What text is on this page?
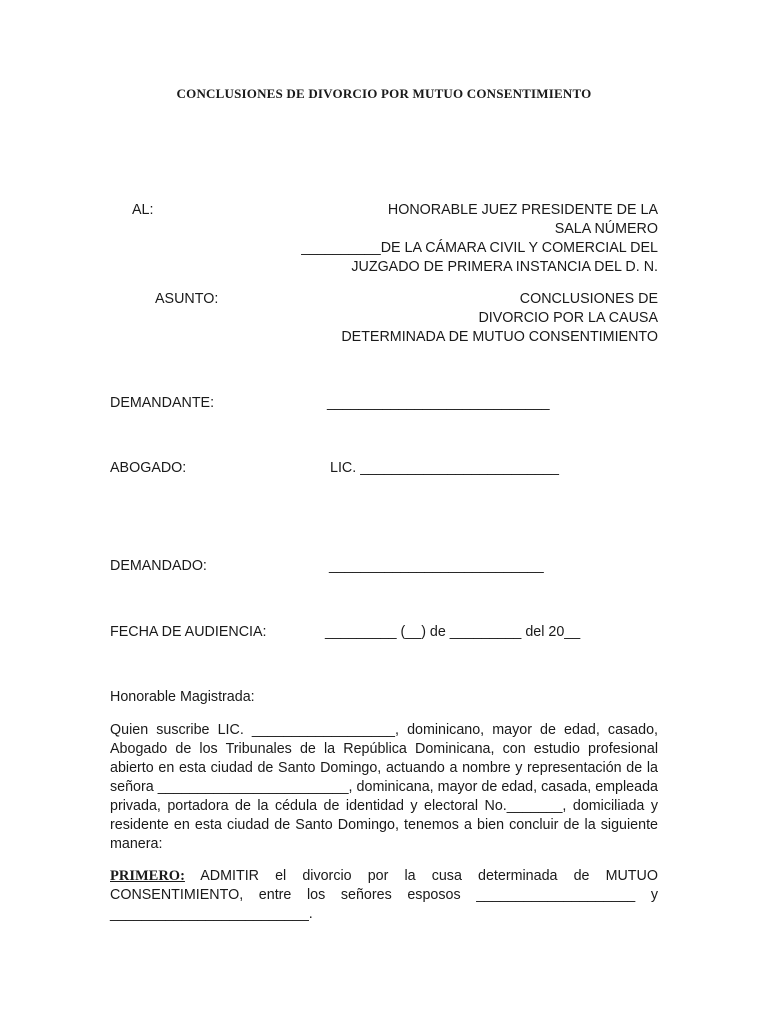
CONCLUSIONES DE DIVORCIO POR MUTUO CONSENTIMIENTO
AL:	HONORABLE JUEZ PRESIDENTE DE LA
SALA NÚMERO
__________DE LA CÁMARA CIVIL Y COMERCIAL DEL
JUZGADO DE PRIMERA INSTANCIA DEL D. N.
ASUNTO:	CONCLUSIONES DE
DIVORCIO POR LA CAUSA
DETERMINADA DE MUTUO CONSENTIMIENTO
DEMANDANTE:	____________________________
ABOGADO:	LIC. _________________________
DEMANDADO:	___________________________
FECHA DE AUDIENCIA:	_________ (__) de _________ del 20__
Honorable Magistrada:
Quien suscribe LIC. __________________, dominicano, mayor de edad, casado, Abogado de los Tribunales de la República Dominicana, con estudio profesional abierto en esta ciudad de Santo Domingo, actuando a nombre y representación de la señora ________________________, dominicana, mayor de edad, casada, empleada privada, portadora de la cédula de identidad y electoral No._______, domiciliada y residente en esta ciudad de Santo Domingo, tenemos a bien concluir de la siguiente manera:
PRIMERO: ADMITIR el divorcio por la cusa determinada de MUTUO CONSENTIMIENTO, entre los señores esposos ____________________ y _________________________.
